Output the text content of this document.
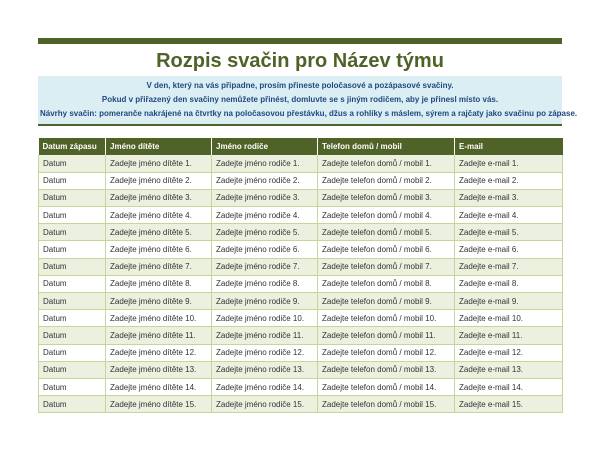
Rozpis svačin pro Název týmu
V den, který na vás připadne, prosím přineste poločasové a pozápasové svačiny.
Pokud v přiřazený den svačiny nemůžete přinést, domluvte se s jiným rodičem, aby je přinesl místo vás.
Návrhy svačin: pomeranče nakrájené na čtvrtky na poločasovou přestávku, džus a rohlíky s máslem, sýrem a rajčaty jako svačinu po zápase.
Datum zápasu	Jméno dítěte	Jméno rodiče	Telefon domů / mobil	E-mail
Datum	Zadejte jméno dítěte 1.	Zadejte jméno rodiče 1.	Zadejte telefon domů / mobil 1.	Zadejte e-mail 1.
Datum	Zadejte jméno dítěte 2.	Zadejte jméno rodiče 2.	Zadejte telefon domů / mobil 2.	Zadejte e-mail 2.
Datum	Zadejte jméno dítěte 3.	Zadejte jméno rodiče 3.	Zadejte telefon domů / mobil 3.	Zadejte e-mail 3.
Datum	Zadejte jméno dítěte 4.	Zadejte jméno rodiče 4.	Zadejte telefon domů / mobil 4.	Zadejte e-mail 4.
Datum	Zadejte jméno dítěte 5.	Zadejte jméno rodiče 5.	Zadejte telefon domů / mobil 5.	Zadejte e-mail 5.
Datum	Zadejte jméno dítěte 6.	Zadejte jméno rodiče 6.	Zadejte telefon domů / mobil 6.	Zadejte e-mail 6.
Datum	Zadejte jméno dítěte 7.	Zadejte jméno rodiče 7.	Zadejte telefon domů / mobil 7.	Zadejte e-mail 7.
Datum	Zadejte jméno dítěte 8.	Zadejte jméno rodiče 8.	Zadejte telefon domů / mobil 8.	Zadejte e-mail 8.
Datum	Zadejte jméno dítěte 9.	Zadejte jméno rodiče 9.	Zadejte telefon domů / mobil 9.	Zadejte e-mail 9.
Datum	Zadejte jméno dítěte 10.	Zadejte jméno rodiče 10.	Zadejte telefon domů / mobil 10.	Zadejte e-mail 10.
Datum	Zadejte jméno dítěte 11.	Zadejte jméno rodiče 11.	Zadejte telefon domů / mobil 11.	Zadejte e-mail 11.
Datum	Zadejte jméno dítěte 12.	Zadejte jméno rodiče 12.	Zadejte telefon domů / mobil 12.	Zadejte e-mail 12.
Datum	Zadejte jméno dítěte 13.	Zadejte jméno rodiče 13.	Zadejte telefon domů / mobil 13.	Zadejte e-mail 13.
Datum	Zadejte jméno dítěte 14.	Zadejte jméno rodiče 14.	Zadejte telefon domů / mobil 14.	Zadejte e-mail 14.
Datum	Zadejte jméno dítěte 15.	Zadejte jméno rodiče 15.	Zadejte telefon domů / mobil 15.	Zadejte e-mail 15.
